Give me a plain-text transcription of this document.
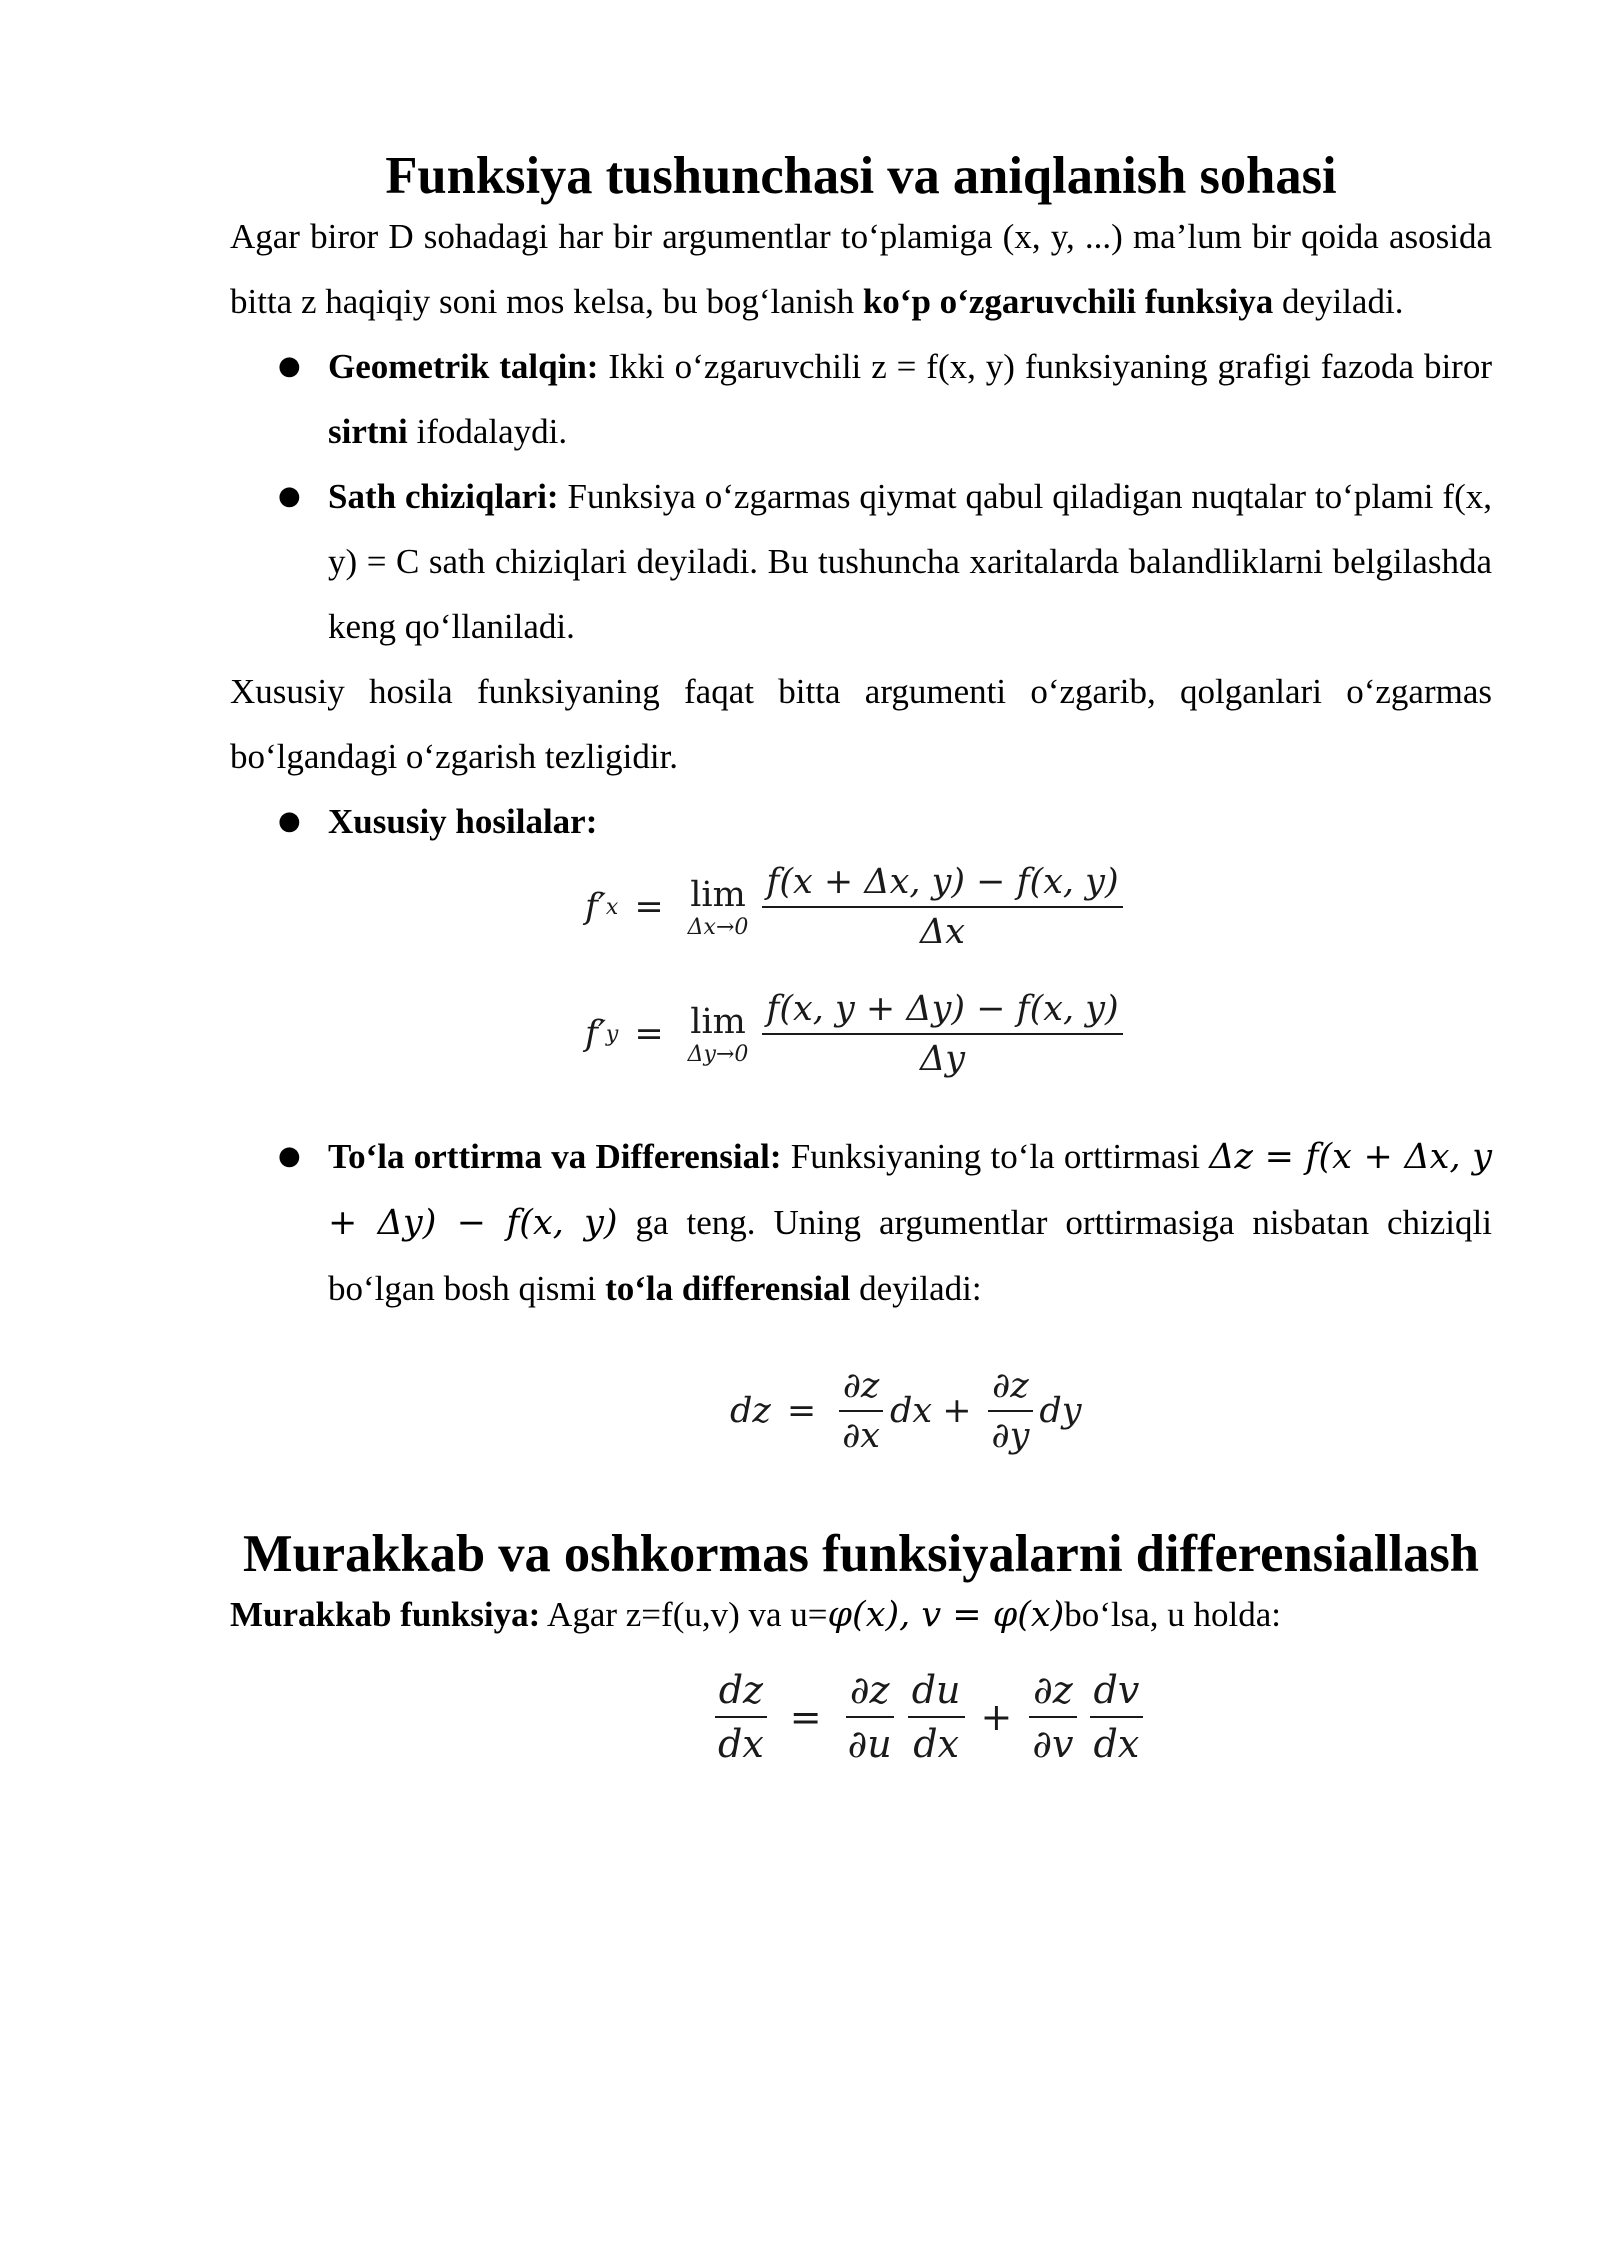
Funksiya tushunchasi va aniqlanish sohasi

Agar biror D sohadagi har bir argumentlar to‘plamiga (x, y, ...) ma’lum bir qoida asosida bitta z haqiqiy soni mos kelsa, bu bog‘lanish ko‘p o‘zgaruvchili funksiya deyiladi.

● Geometrik talqin: Ikki o‘zgaruvchili z = f(x, y) funksiyaning grafigi fazoda biror sirtni ifodalaydi.
● Sath chiziqlari: Funksiya o‘zgarmas qiymat qabul qiladigan nuqtalar to‘plami f(x, y) = C sath chiziqlari deyiladi. Bu tushuncha xaritalarda balandliklarni belgilashda keng qo‘llaniladi.

Xususiy hosila funksiyaning faqat bitta argumenti o‘zgarib, qolganlari o‘zgarmas bo‘lgandagi o‘zgarish tezligidir.

● Xususiy hosilalar:
f′ x = lim
$\Delta x\to 0 \frac{f(x + \Delta x, y) - f(x, y)}{\Delta x}$
f′ y = lim
$\Delta y\to 0 \frac{f(x, y + \Delta y) - f(x, y)}{\Delta y}$
● To‘la orttirma va Differensial: Funksiyaning to‘la orttirmasi Δz = f(x + Δx, y + Δy) − f(x, y) ga teng. Uning argumentlar orttirmasiga nisbatan chiziqli bo‘lgan bosh qismi to‘la differensial deyiladi:
dz = $\frac{\partial z}{\partial x}$ dx + $\frac{\partial z}{\partial y}$ dy
Murakkab va oshkormas funksiyalarni differensiallash

Murakkab funksiya: Agar z=f(u,v) va u=φ(x), v = φ(x)bo‘lsa, u holda:

$\frac{dz}{dx} = \frac{\partial z}{\partial u} \frac{du}{dx} + \frac{\partial z}{\partial v} \frac{dv}{dx}$
